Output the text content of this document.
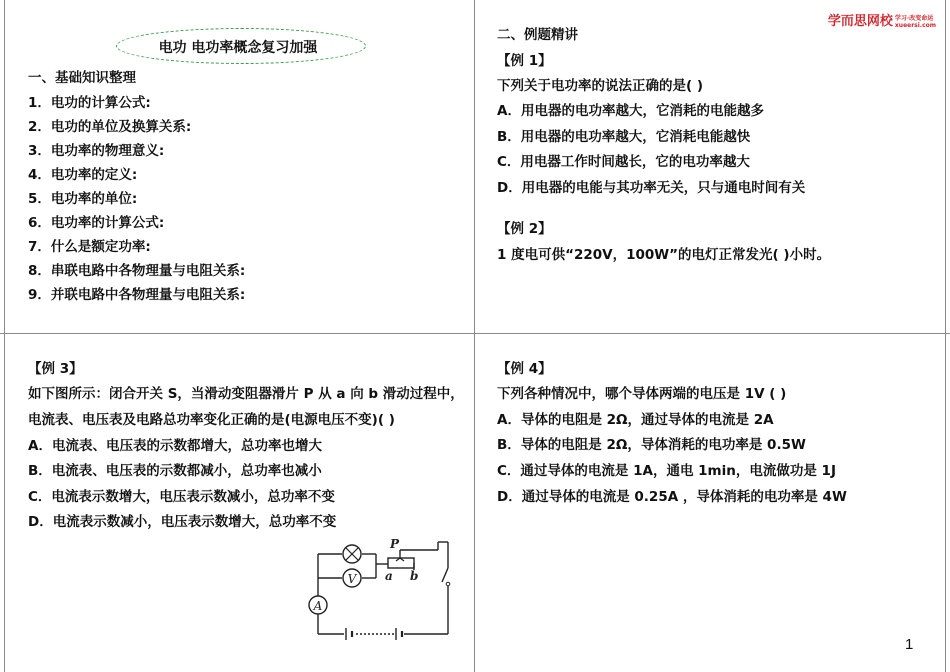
学而思网校 学习·改变命运
xueersi.com
电功 电功率概念复习加强
一、基础知识整理
1．电功的计算公式:
2．电功的单位及换算关系:
3．电功率的物理意义:
4．电功率的定义:
5．电功率的单位:
6．电功率的计算公式:
7．什么是额定功率:
8．串联电路中各物理量与电阻关系:
9．并联电路中各物理量与电阻关系:
二、例题精讲
【例 1】
下列关于电功率的说法正确的是( )
A．用电器的电功率越大，它消耗的电能越多
B．用电器的电功率越大，它消耗电能越快
C．用电器工作时间越长，它的电功率越大
D．用电器的电能与其功率无关，只与通电时间有关
【例 2】
1 度电可供“220V，100W”的电灯正常发光( )小时。
【例 3】
如下图所示：闭合开关 S，当滑动变阻器滑片 P 从 a 向 b 滑动过程中，
电流表、电压表及电路总功率变化正确的是(电源电压不变)( )
A．电流表、电压表的示数都增大，总功率也增大
B．电流表、电压表的示数都减小，总功率也减小
C．电流表示数增大，电压表示数减小，总功率不变
D．电流表示数减小，电压表示数增大，总功率不变
V
A
P
a b
【例 4】
下列各种情况中，哪个导体两端的电压是 1V ( )
A．导体的电阻是 2Ω，通过导体的电流是 2A
B．导体的电阻是 2Ω，导体消耗的电功率是 0.5W
C．通过导体的电流是 1A，通电 1min，电流做功是 1J
D．通过导体的电流是 0.25A ，导体消耗的电功率是 4W
1
